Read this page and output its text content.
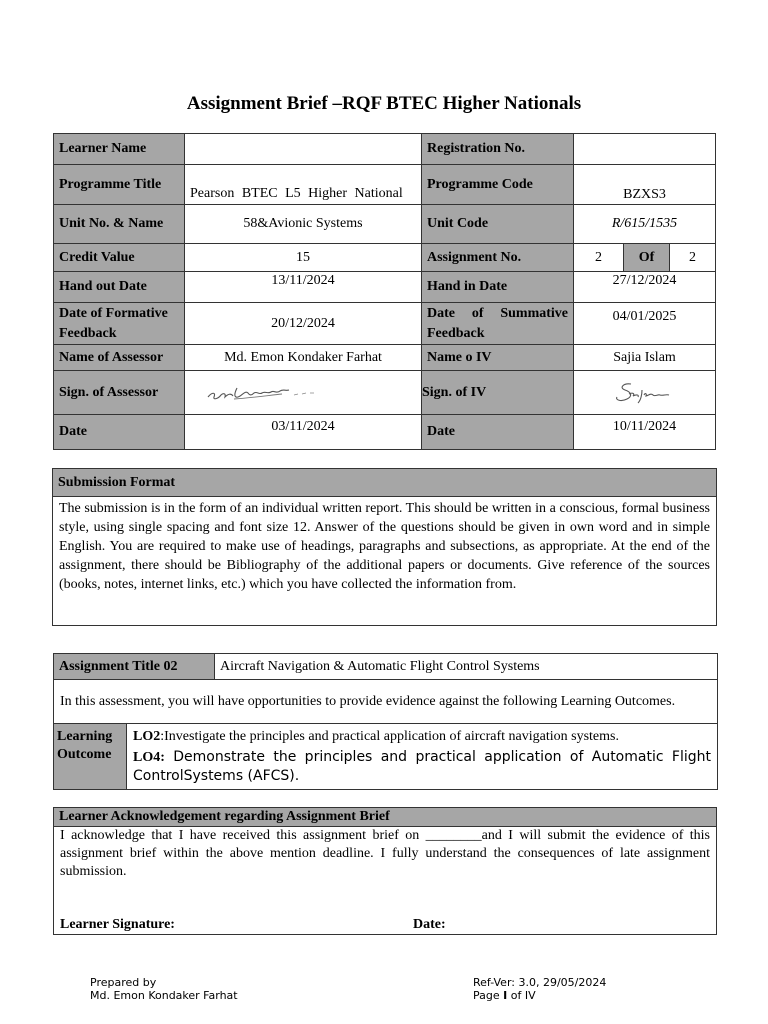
Assignment Brief –RQF BTEC Higher Nationals
Learner Name		Registration No.			
Programme Title	Pearson BTEC L5 Higher National	Programme Code	BZXS3		
Unit No. & Name	58&Avionic Systems	Unit Code	R/615/1535		
Credit Value	15	Assignment No.	2	Of	2
Hand out Date	13/11/2024	Hand in Date	27/12/2024		
Date of Formative Feedback	20/12/2024	Date of Summative Feedback	04/01/2025		
Name of Assessor	Md. Emon Kondaker Farhat	Name o IV	Sajia Islam		
Sign. of Assessor		Sign. of IV	

Date	03/11/2024	Date	10/11/2024		
Submission Format
The submission is in the form of an individual written report. This should be written in a conscious, formal business style, using single spacing and font size 12. Answer of the questions should be given in own word and in simple English. You are required to make use of headings, paragraphs and subsections, as appropriate. At the end of the assignment, there should be Bibliography of the additional papers or documents. Give reference of the sources (books, notes, internet links, etc.) which you have collected the information from.
Assignment Title 02		Aircraft Navigation & Automatic Flight Control Systems
In this assessment, you will have opportunities to provide evidence against the following Learning Outcomes.		
Learning Outcome	LO2:Investigate the principles and practical application of aircraft navigation systems.
LO4: Demonstrate the principles and practical application of Automatic Flight ControlSystems (AFCS).	
Learner Acknowledgement regarding Assignment Brief

I acknowledge that I have received this assignment brief on ________and I will submit the evidence of this assignment brief within the above mention deadline. I fully understand the consequences of late assignment submission.
Learner Signature:	Date:
Prepared by
Md. Emon Kondaker Farhat
Ref-Ver: 3.0, 29/05/2024
Page I of IV
